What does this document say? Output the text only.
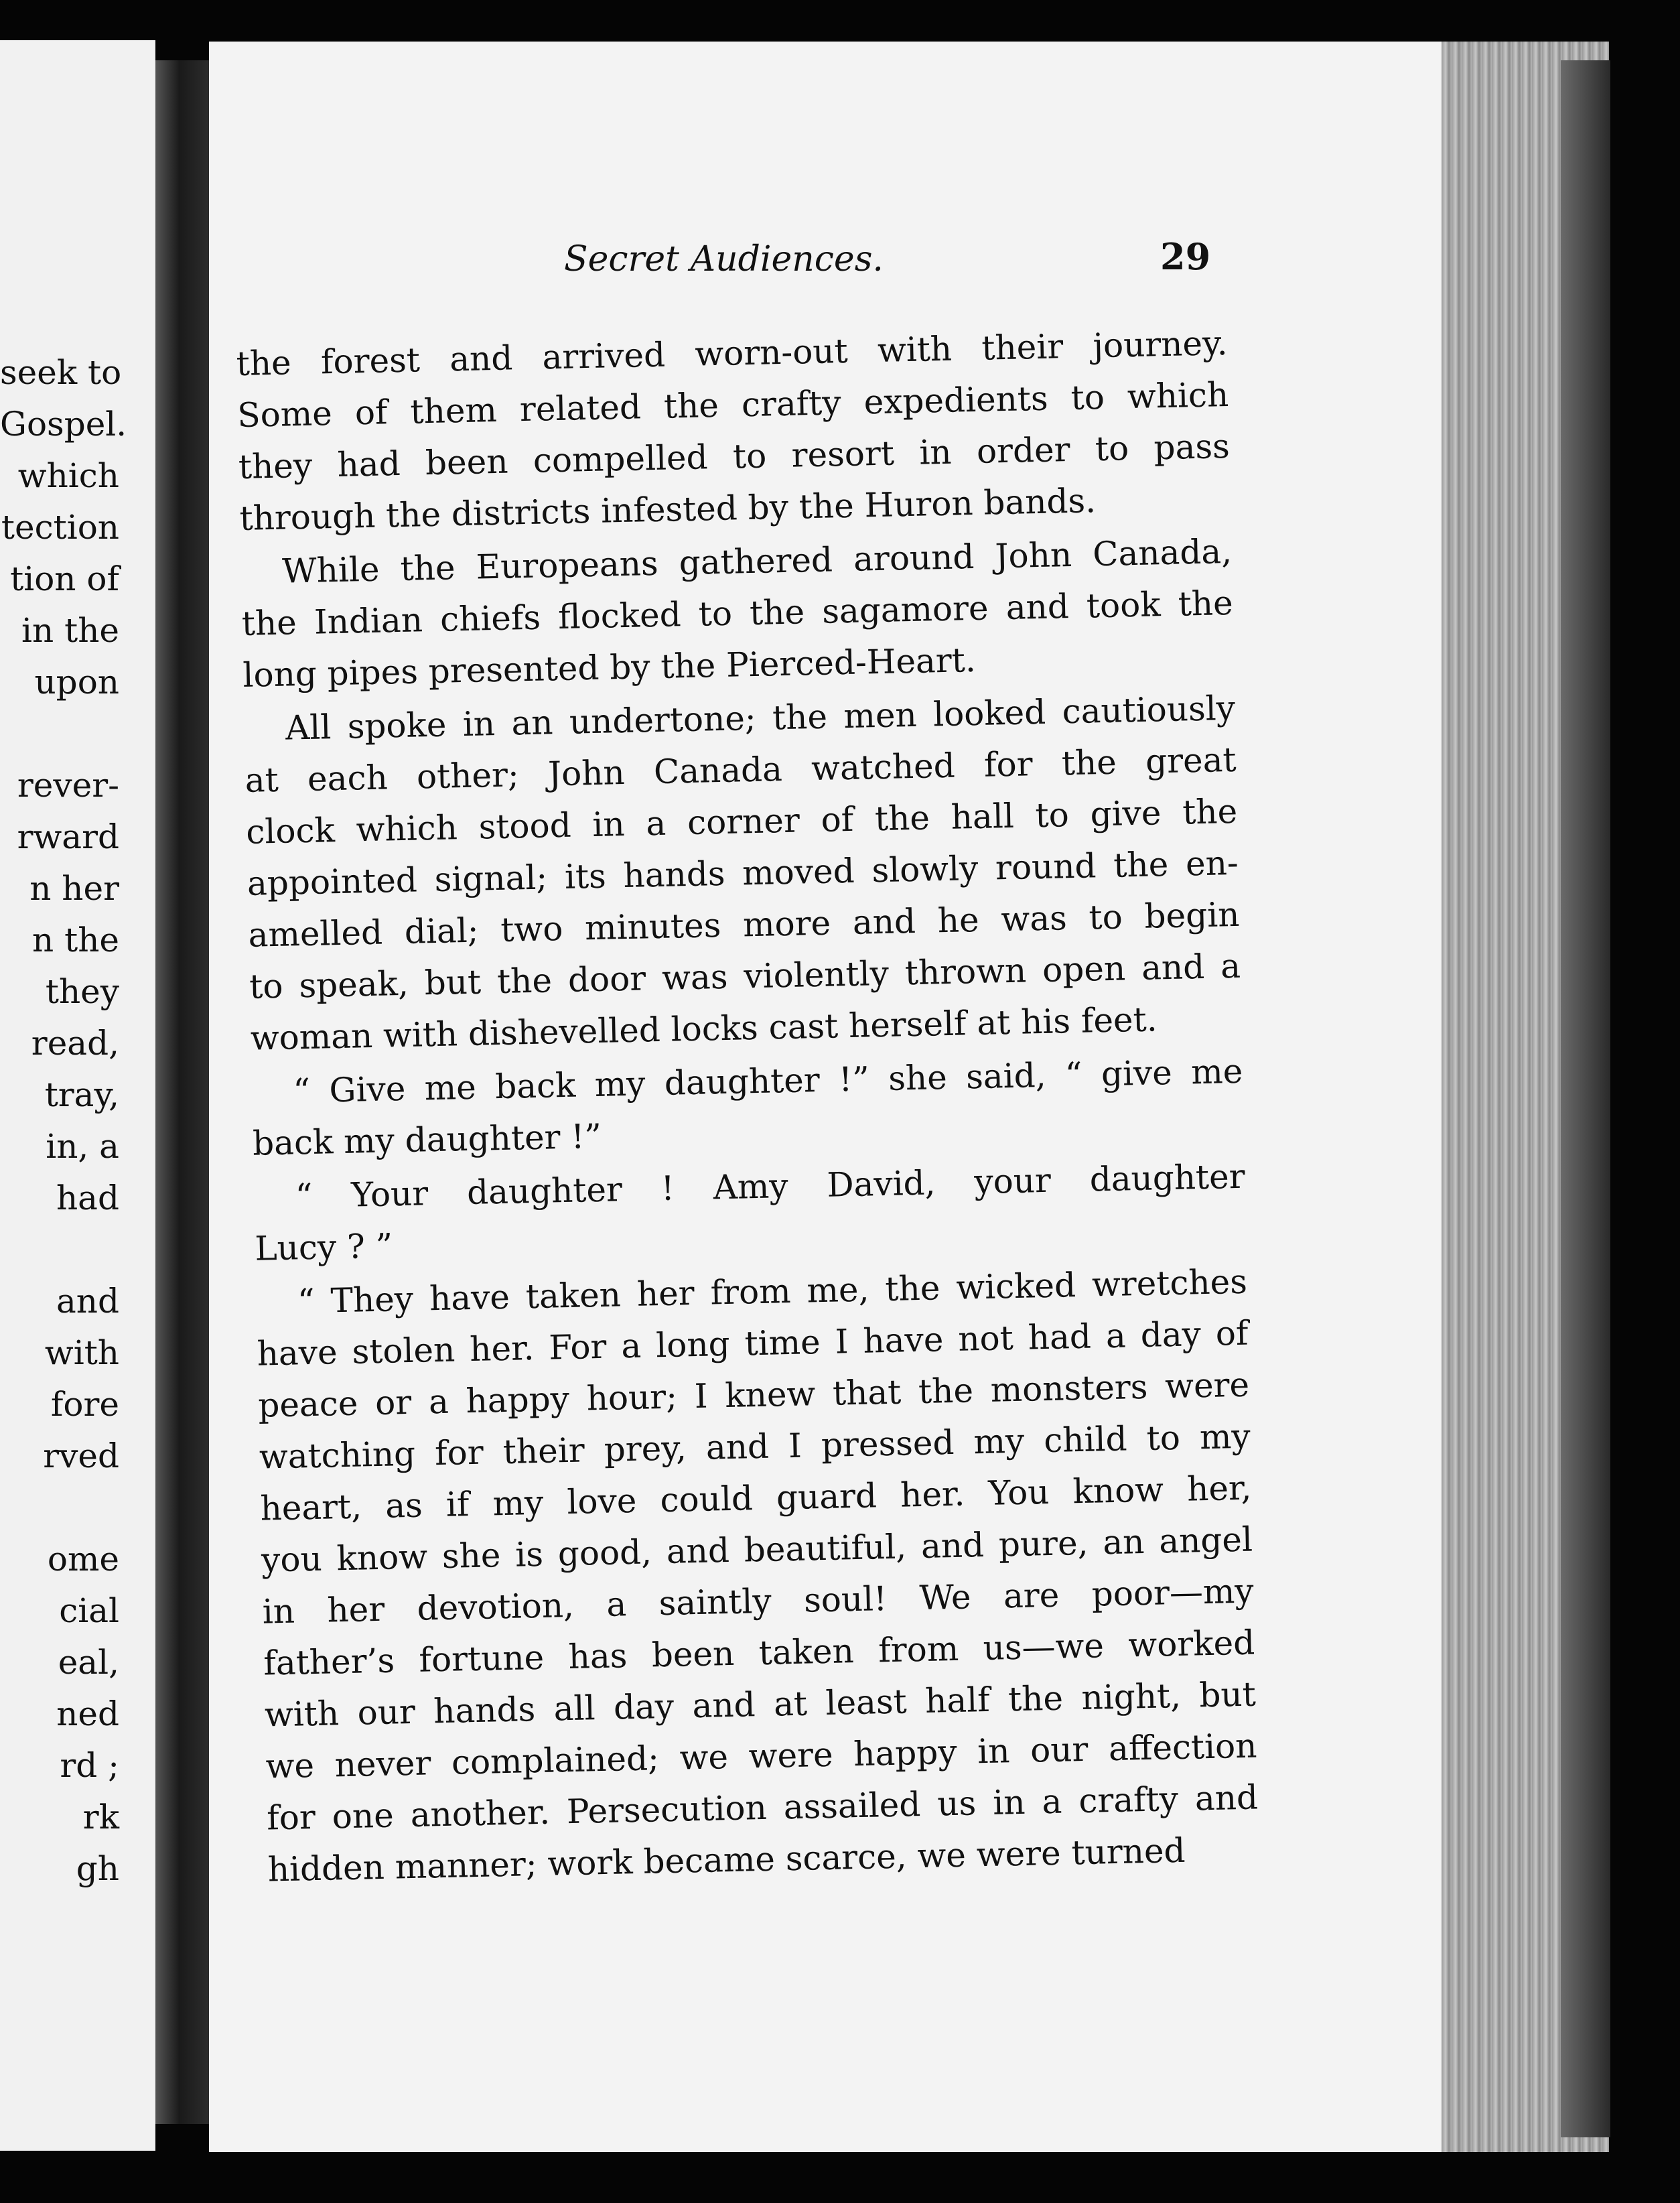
seek to
Gospel.
which
tection
tion of
in the
upon
rever-
rward
n her
n the
they
read,
tray,
in, a
had
and
with
fore
rved
ome
cial
eal,
ned
rd ;
rk
gh
Secret Audiences.	29
the forest and arrived worn-out with their journey.
Some of them related the crafty expedients to which
they had been compelled to resort in order to pass
through the districts infested by the Huron bands.
While the Europeans gathered around John Canada,
the Indian chiefs flocked to the sagamore and took the
long pipes presented by the Pierced-Heart.
All spoke in an undertone; the men looked cautiously
at each other; John Canada watched for the great
clock which stood in a corner of the hall to give the
appointed signal; its hands moved slowly round the en-
amelled dial; two minutes more and he was to begin
to speak, but the door was violently thrown open and a
woman with dishevelled locks cast herself at his feet.
“ Give me back my daughter !” she said, “ give me
back my daughter !”
“ Your daughter ! Amy David, your daughter
Lucy ? ”
“ They have taken her from me, the wicked wretches
have stolen her. For a long time I have not had a day of
peace or a happy hour; I knew that the monsters were
watching for their prey, and I pressed my child to my
heart, as if my love could guard her. You know her,
you know she is good, and beautiful, and pure, an angel
in her devotion, a saintly soul! We are poor—my
father’s fortune has been taken from us—we worked
with our hands all day and at least half the night, but
we never complained; we were happy in our affection
for one another. Persecution assailed us in a crafty and
hidden manner; work became scarce, we were turned
